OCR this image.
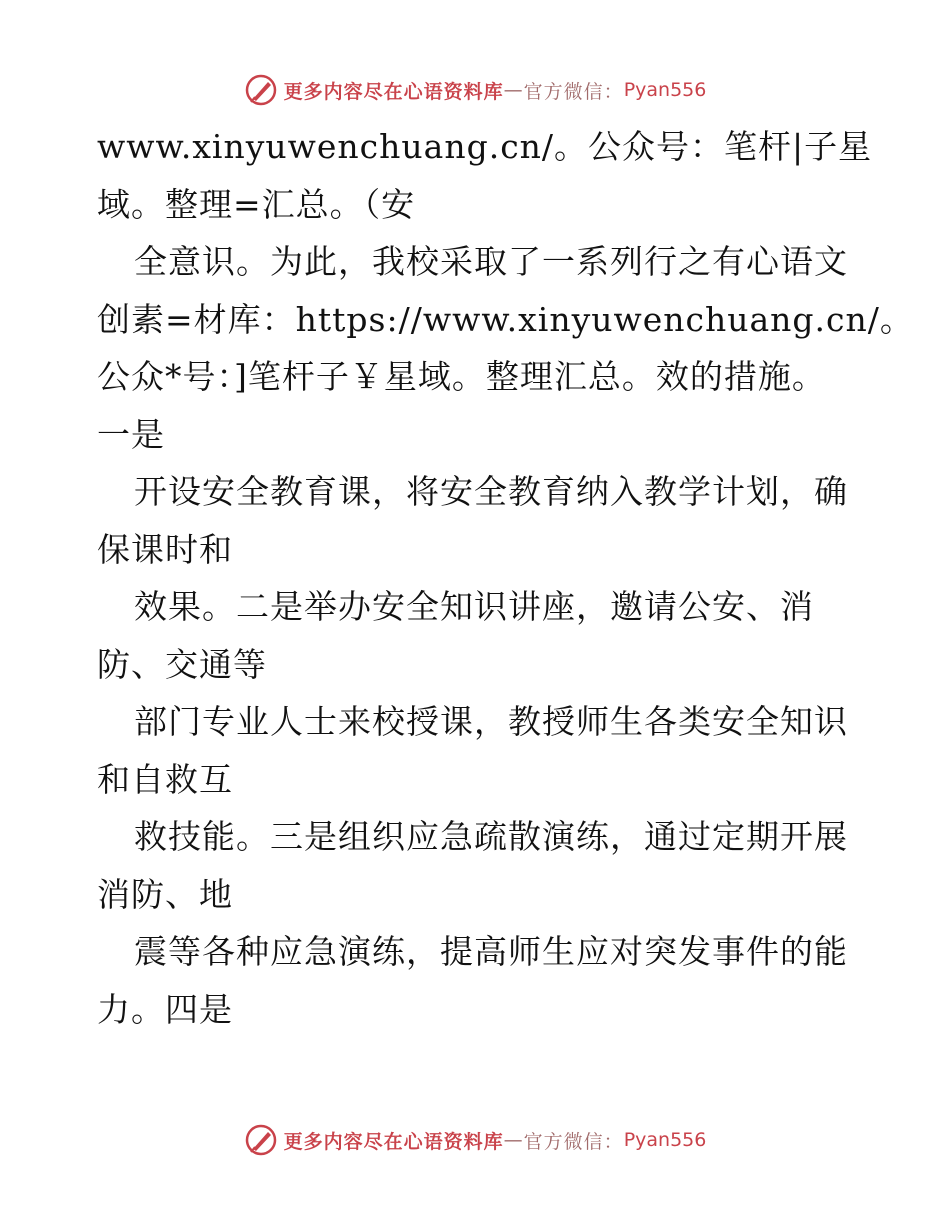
更多内容尽在心语资料库 — 官方微信： Pyan556
www.xinyuwenchuang.cn/。公众号：笔杆|子星
域。整理=汇总。（安
全意识。为此，我校采取了一系列行之有心语文
创素=材库：https://www.xinyuwenchuang.cn/。
公众*号：]笔杆子￥星域。整理汇总。效的措施。
一是
开设安全教育课，将安全教育纳入教学计划，确
保课时和
效果。二是举办安全知识讲座，邀请公安、消
防、交通等
部门专业人士来校授课，教授师生各类安全知识
和自救互
救技能。三是组织应急疏散演练，通过定期开展
消防、地
震等各种应急演练，提高师生应对突发事件的能
力。四是
更多内容尽在心语资料库 — 官方微信： Pyan556
